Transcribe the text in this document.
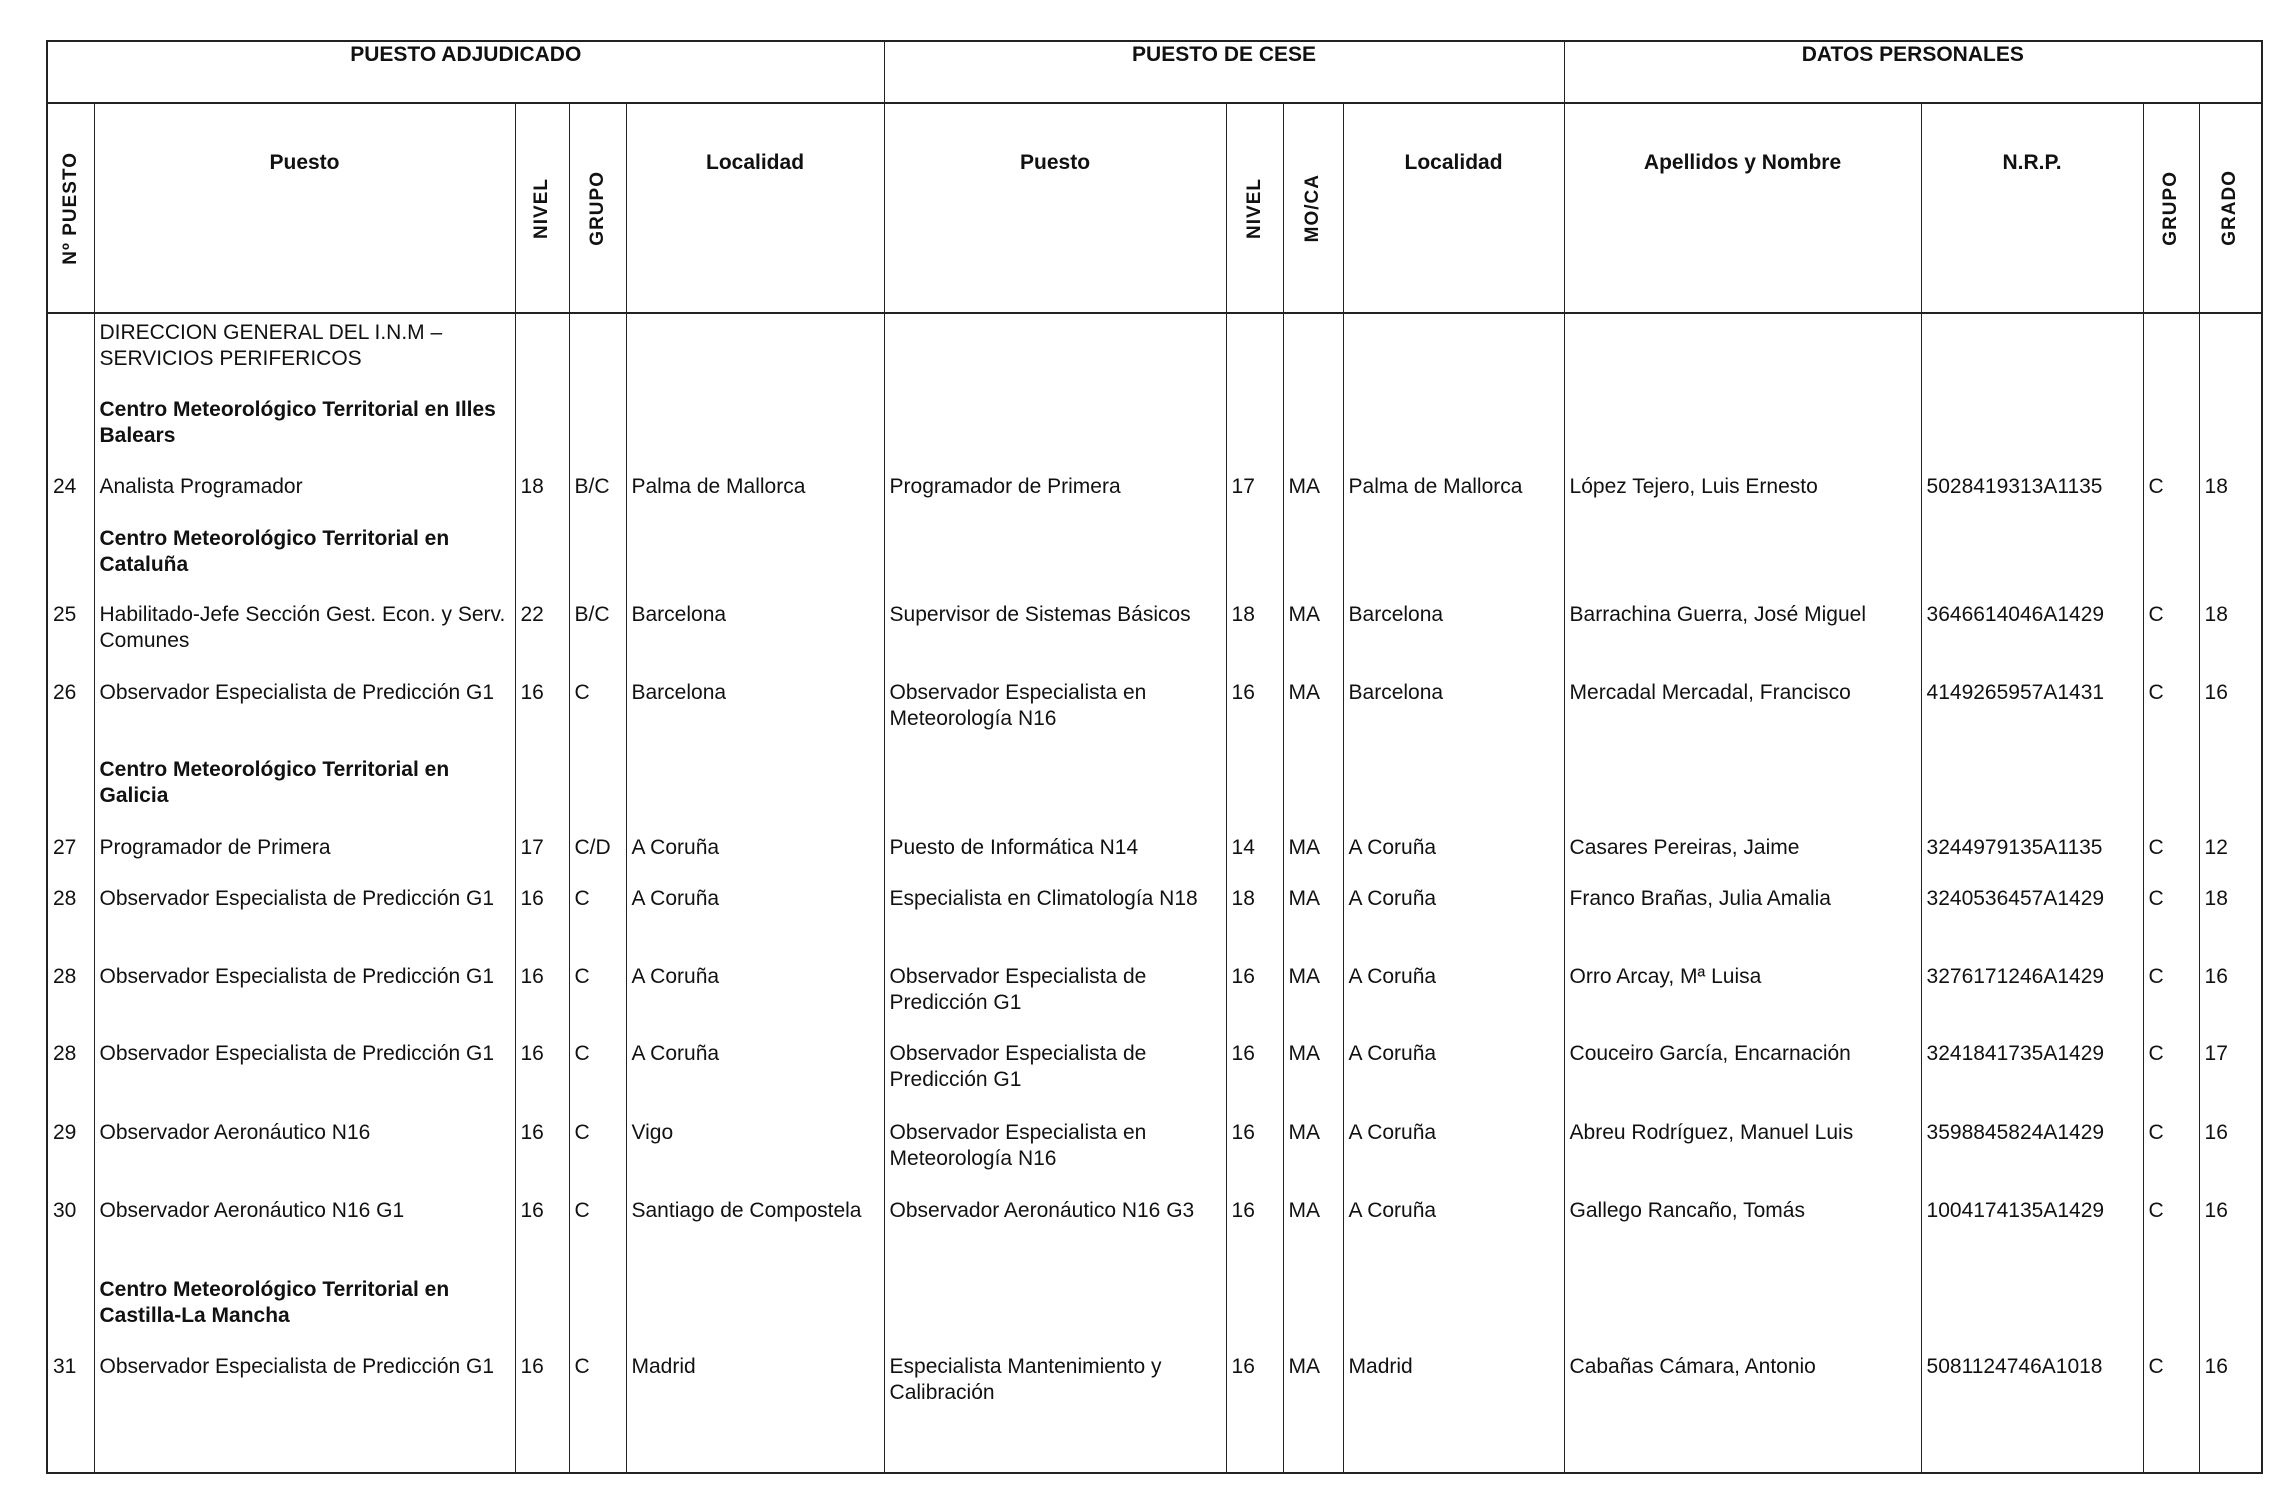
PUESTO ADJUDICADO					PUESTO DE CESE				DATOS PERSONALES			

Nº PUESTO	Puesto	NIVEL	GRUPO	Localidad	Puesto	NIVEL	MO/CA	Localidad	Apellidos y Nombre	N.R.P.	GRUPO	GRADO

	DIRECCION GENERAL DEL I.N.M – SERVICIOS PERIFERICOS											
	Centro Meteorológico Territorial en Illes Balears											
24	Analista Programador	18	B/C	Palma de Mallorca	Programador de Primera	17	MA	Palma de Mallorca	López Tejero, Luis Ernesto	5028419313A1135	C	18
	Centro Meteorológico Territorial en Cataluña											
25	Habilitado-Jefe Sección Gest. Econ. y Serv. Comunes	22	B/C	Barcelona	Supervisor de Sistemas Básicos	18	MA	Barcelona	Barrachina Guerra, José Miguel	3646614046A1429	C	18
26	Observador Especialista de Predicción G1	16	C	Barcelona	Observador Especialista en Meteorología N16	16	MA	Barcelona	Mercadal Mercadal, Francisco	4149265957A1431	C	16
	Centro Meteorológico Territorial en Galicia											
27	Programador de Primera	17	C/D	A Coruña	Puesto de Informática N14	14	MA	A Coruña	Casares Pereiras, Jaime	3244979135A1135	C	12
28	Observador Especialista de Predicción G1	16	C	A Coruña	Especialista en Climatología N18	18	MA	A Coruña	Franco Brañas, Julia Amalia	3240536457A1429	C	18
28	Observador Especialista de Predicción G1	16	C	A Coruña	Observador Especialista de Predicción G1	16	MA	A Coruña	Orro Arcay, Mª Luisa	3276171246A1429	C	16
28	Observador Especialista de Predicción G1	16	C	A Coruña	Observador Especialista de Predicción G1	16	MA	A Coruña	Couceiro García, Encarnación	3241841735A1429	C	17
29	Observador Aeronáutico N16	16	C	Vigo	Observador Especialista en Meteorología N16	16	MA	A Coruña	Abreu Rodríguez, Manuel Luis	3598845824A1429	C	16
30	Observador Aeronáutico N16 G1	16	C	Santiago de Compostela	Observador Aeronáutico N16 G3	16	MA	A Coruña	Gallego Rancaño, Tomás	1004174135A1429	C	16
	Centro Meteorológico Territorial en Castilla-La Mancha											
31	Observador Especialista de Predicción G1	16	C	Madrid	Especialista Mantenimiento y Calibración	16	MA	Madrid	Cabañas Cámara, Antonio	5081124746A1018	C	16
